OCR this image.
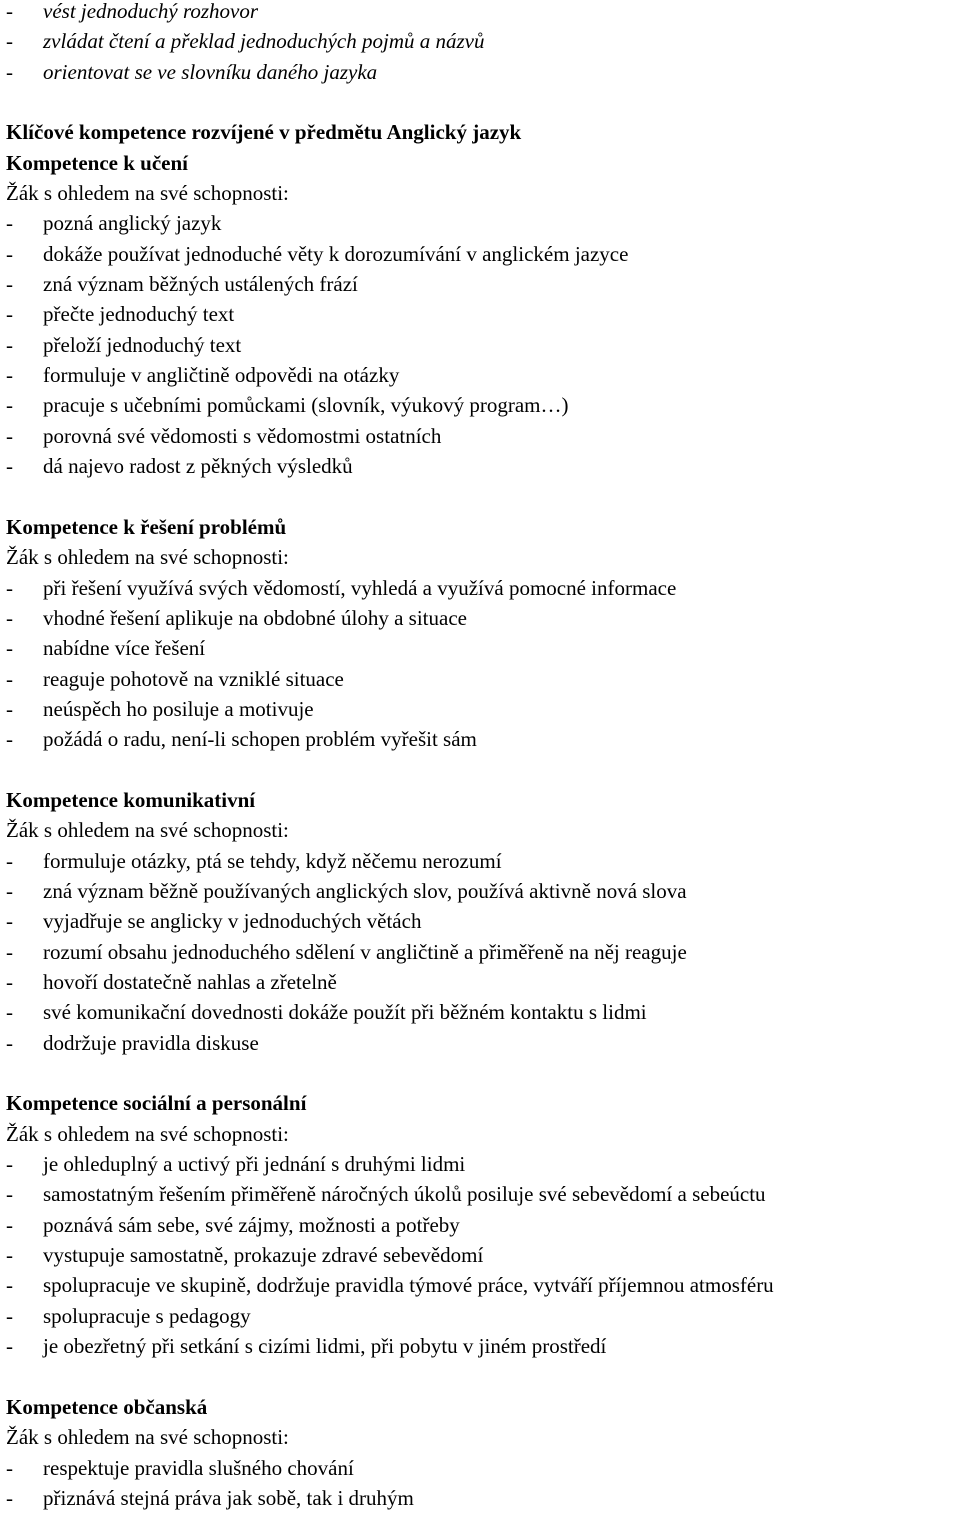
-	vést jednoduchý rozhovor
-	zvládat čtení a překlad jednoduchých pojmů a názvů
-	orientovat se ve slovníku daného jazyka
Klíčové kompetence rozvíjené v předmětu Anglický jazyk
Kompetence k učení
Žák s ohledem na své schopnosti:
-	pozná anglický jazyk
-	dokáže používat jednoduché věty k dorozumívání v anglickém jazyce
-	zná význam běžných ustálených frází
-	přečte jednoduchý text
-	přeloží jednoduchý text
-	formuluje v angličtině odpovědi na otázky
-	pracuje s učebními pomůckami (slovník, výukový program…)
-	porovná své vědomosti s vědomostmi ostatních
-	dá najevo radost z pěkných výsledků
Kompetence k řešení problémů
Žák s ohledem na své schopnosti:
-	při řešení využívá svých vědomostí, vyhledá a využívá pomocné informace
-	vhodné řešení aplikuje na obdobné úlohy a situace
-	nabídne více řešení
-	reaguje pohotově na vzniklé situace
-	neúspěch ho posiluje a motivuje
-	požádá o radu, není-li schopen problém vyřešit sám
Kompetence komunikativní
Žák s ohledem na své schopnosti:
-	formuluje otázky, ptá se tehdy, když něčemu nerozumí
-	zná význam běžně používaných anglických slov, používá aktivně nová slova
-	vyjadřuje se anglicky v jednoduchých větách
-	rozumí obsahu jednoduchého sdělení v angličtině a přiměřeně na něj reaguje
-	hovoří dostatečně nahlas a zřetelně
-	své komunikační dovednosti dokáže použít při běžném kontaktu s lidmi
-	dodržuje pravidla diskuse
Kompetence sociální a personální
Žák s ohledem na své schopnosti:
-	je ohleduplný a uctivý při jednání s druhými lidmi
-	samostatným řešením přiměřeně náročných úkolů posiluje své sebevědomí a sebeúctu
-	poznává sám sebe, své zájmy, možnosti a potřeby
-	vystupuje samostatně, prokazuje zdravé sebevědomí
-	spolupracuje ve skupině, dodržuje pravidla týmové práce, vytváří příjemnou atmosféru
-	spolupracuje s pedagogy
-	je obezřetný při setkání s cizími lidmi, při pobytu v jiném prostředí
Kompetence občanská
Žák s ohledem na své schopnosti:
-	respektuje pravidla slušného chování
-	přiznává stejná práva jak sobě, tak i druhým
